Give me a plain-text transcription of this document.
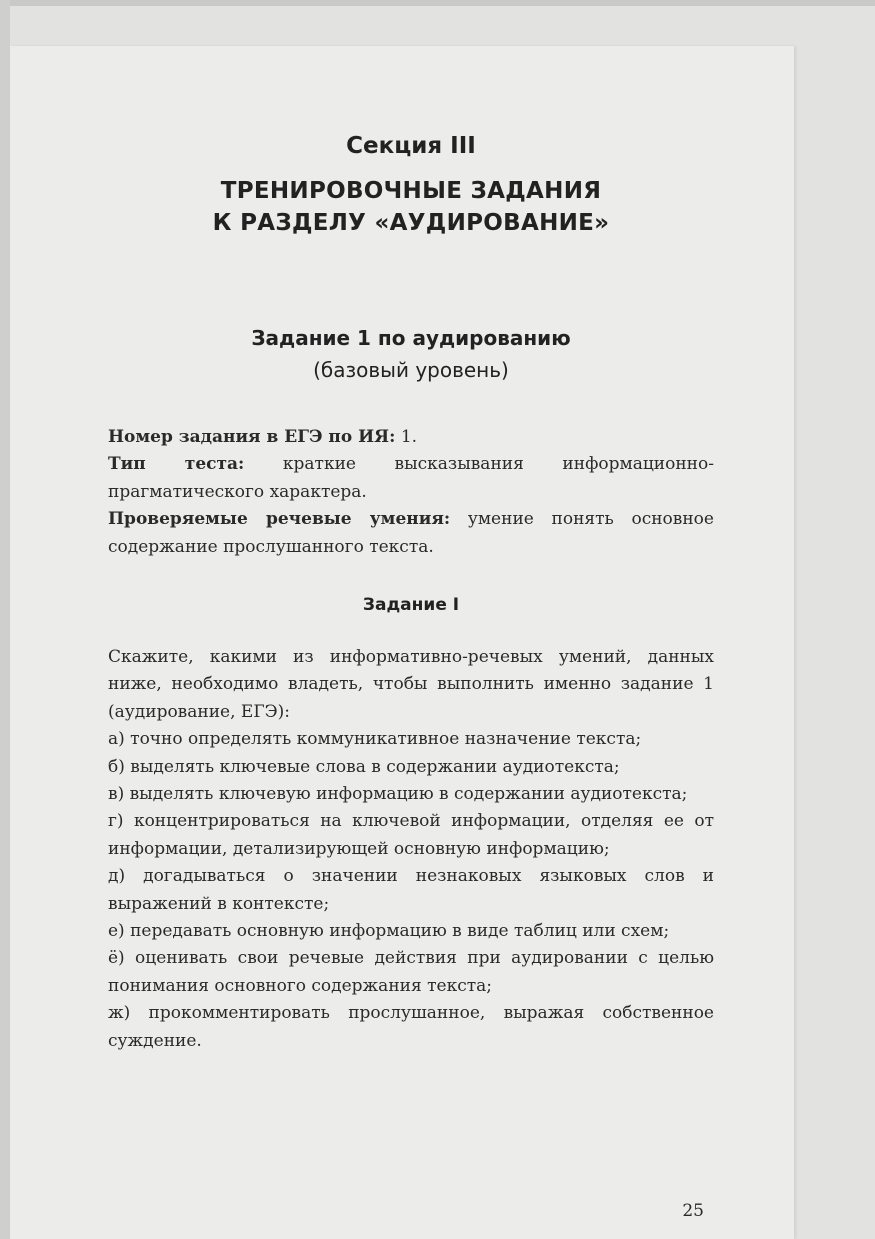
Секция III
ТРЕНИРОВОЧНЫЕ ЗАДАНИЯ
К РАЗДЕЛУ «АУДИРОВАНИЕ»
Задание 1 по аудированию
(базовый уровень)

Номер задания в ЕГЭ по ИЯ: 1.

Тип теста: краткие высказывания информационно-прагматического характера.

Проверяемые речевые умения: умение понять основное содержание прослушанного текста.

Задание I

Скажите, какими из информативно-речевых умений, данных ниже, необходимо владеть, чтобы выполнить именно задание 1 (аудирование, ЕГЭ):

а) точно определять коммуникативное назначение текста;

б) выделять ключевые слова в содержании аудиотекста;

в) выделять ключевую информацию в содержании аудиотекста;

г) концентрироваться на ключевой информации, отделяя ее от информации, детализирующей основную информацию;

д) догадываться о значении незнаковых языковых слов и выражений в контексте;

е) передавать основную информацию в виде таблиц или схем;

ё) оценивать свои речевые действия при аудировании с целью понимания основного содержания текста;

ж) прокомментировать прослушанное, выражая собственное суждение.

25
